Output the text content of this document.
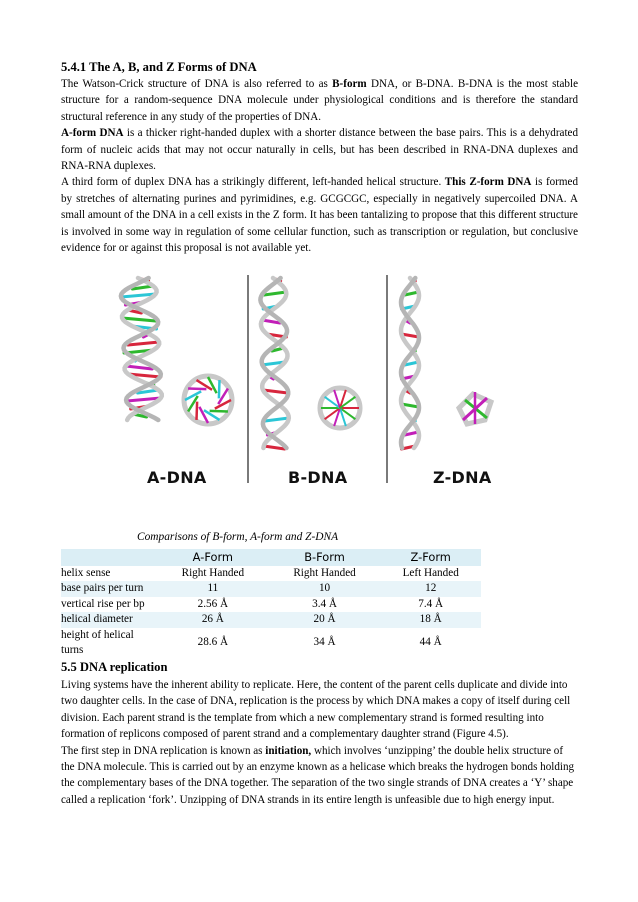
5.4.1 The A, B, and Z Forms of DNA

The Watson-Crick structure of DNA is also referred to as B-form DNA, or B-DNA. B-DNA is the most stable structure for a random-sequence DNA molecule under physiological conditions and is therefore the standard structural reference in any study of the properties of DNA.

A-form DNA is a thicker right-handed duplex with a shorter distance between the base pairs. This is a dehydrated form of nucleic acids that may not occur naturally in cells, but has been described in RNA-DNA duplexes and RNA-RNA duplexes.

A third form of duplex DNA has a strikingly different, left-handed helical structure. This Z-form DNA is formed by stretches of alternating purines and pyrimidines, e.g. GCGCGC, especially in negatively supercoiled DNA. A small amount of the DNA in a cell exists in the Z form. It has been tantalizing to propose that this different structure is involved in some way in regulation of some cellular function, such as transcription or regulation, but conclusive evidence for or against this proposal is not available yet.

A-DNA	B-DNA	Z-DNA
Comparisons of B-form, A-form and Z-DNA
	A-Form	B-Form	Z-Form
helix sense	Right Handed	Right Handed	Left Handed
base pairs per turn	11	10	12
vertical rise per bp	2.56 Å	3.4 Å	7.4 Å
helical diameter	26 Å	20 Å	18 Å
height of helical turns	28.6 Å	34 Å	44 Å
5.5 DNA replication

Living systems have the inherent ability to replicate. Here, the content of the parent cells duplicate and divide into two daughter cells. In the case of DNA, replication is the process by which DNA makes a copy of itself during cell division. Each parent strand is the template from which a new complementary strand is formed resulting into formation of replicons composed of parent strand and a complementary daughter strand (Figure 4.5).

The first step in DNA replication is known as initiation, which involves ‘unzipping’ the double helix structure of the DNA molecule. This is carried out by an enzyme known as a helicase which breaks the hydrogen bonds holding the complementary bases of the DNA together. The separation of the two single strands of DNA creates a ‘Y’ shape called a replication ‘fork’. Unzipping of DNA strands in its entire length is unfeasible due to high energy input.
